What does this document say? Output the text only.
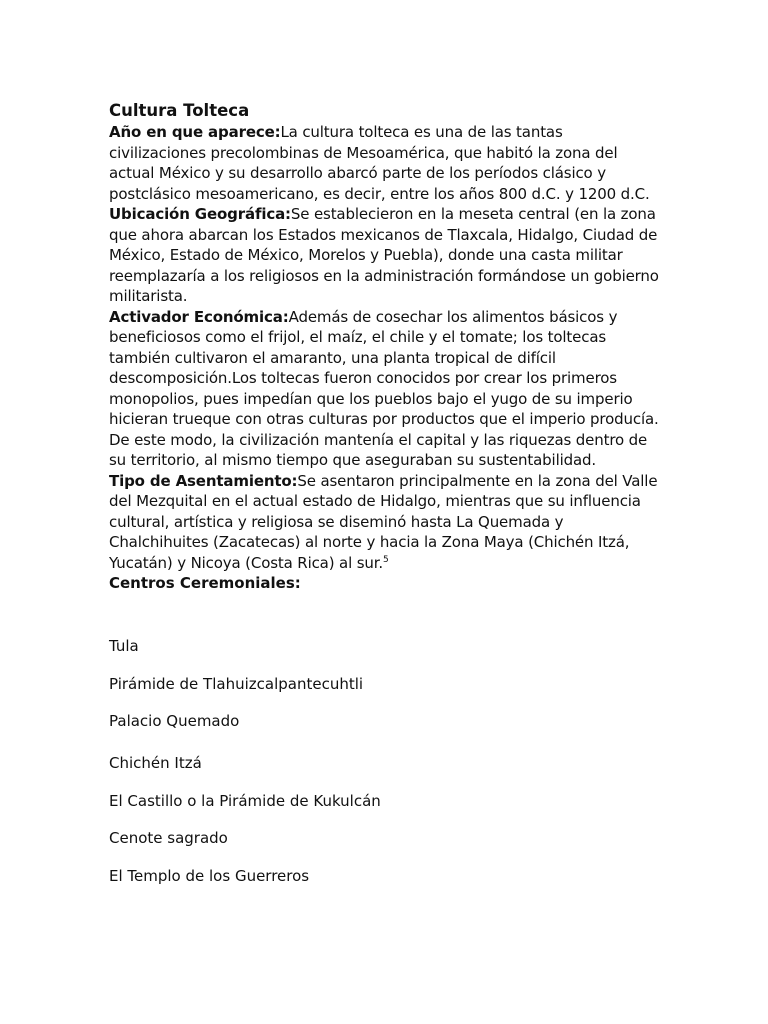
Cultura Tolteca

Año en que aparece:La cultura tolteca es una de las tantas civilizaciones precolombinas de Mesoamérica, que habitó la zona del actual México y su desarrollo abarcó parte de los períodos clásico y postclásico mesoamericano, es decir, entre los años 800 d.C. y 1200 d.C.

Ubicación Geográfica:Se establecieron en la meseta central (en la zona que ahora abarcan los Estados mexicanos de Tlaxcala, Hidalgo, Ciudad de México, Estado de México, Morelos y Puebla), donde una casta militar reemplazaría a los religiosos en la administración formándose un gobierno militarista.

Activador Económica:Además de cosechar los alimentos básicos y beneficiosos como el frijol, el maíz, el chile y el tomate; los toltecas también cultivaron el amaranto, una planta tropical de difícil descomposición.Los toltecas fueron conocidos por crear los primeros monopolios, pues impedían que los pueblos bajo el yugo de su imperio hicieran trueque con otras culturas por productos que el imperio producía. De este modo, la civilización mantenía el capital y las riquezas dentro de su territorio, al mismo tiempo que aseguraban su sustentabilidad.

Tipo de Asentamiento:Se asentaron principalmente en la zona del Valle del Mezquital en el actual estado de Hidalgo, mientras que su influencia cultural, artística y religiosa se diseminó hasta La Quemada y Chalchihuites (Zacatecas) al norte y hacia la Zona Maya (Chichén Itzá, Yucatán) y Nicoya (Costa Rica) al sur.$^5$

Centros Ceremoniales:

Tula
Pirámide de Tlahuizcalpantecuhtli
Palacio Quemado
Chichén Itzá
El Castillo o la Pirámide de Kukulcán
Cenote sagrado
El Templo de los Guerreros
